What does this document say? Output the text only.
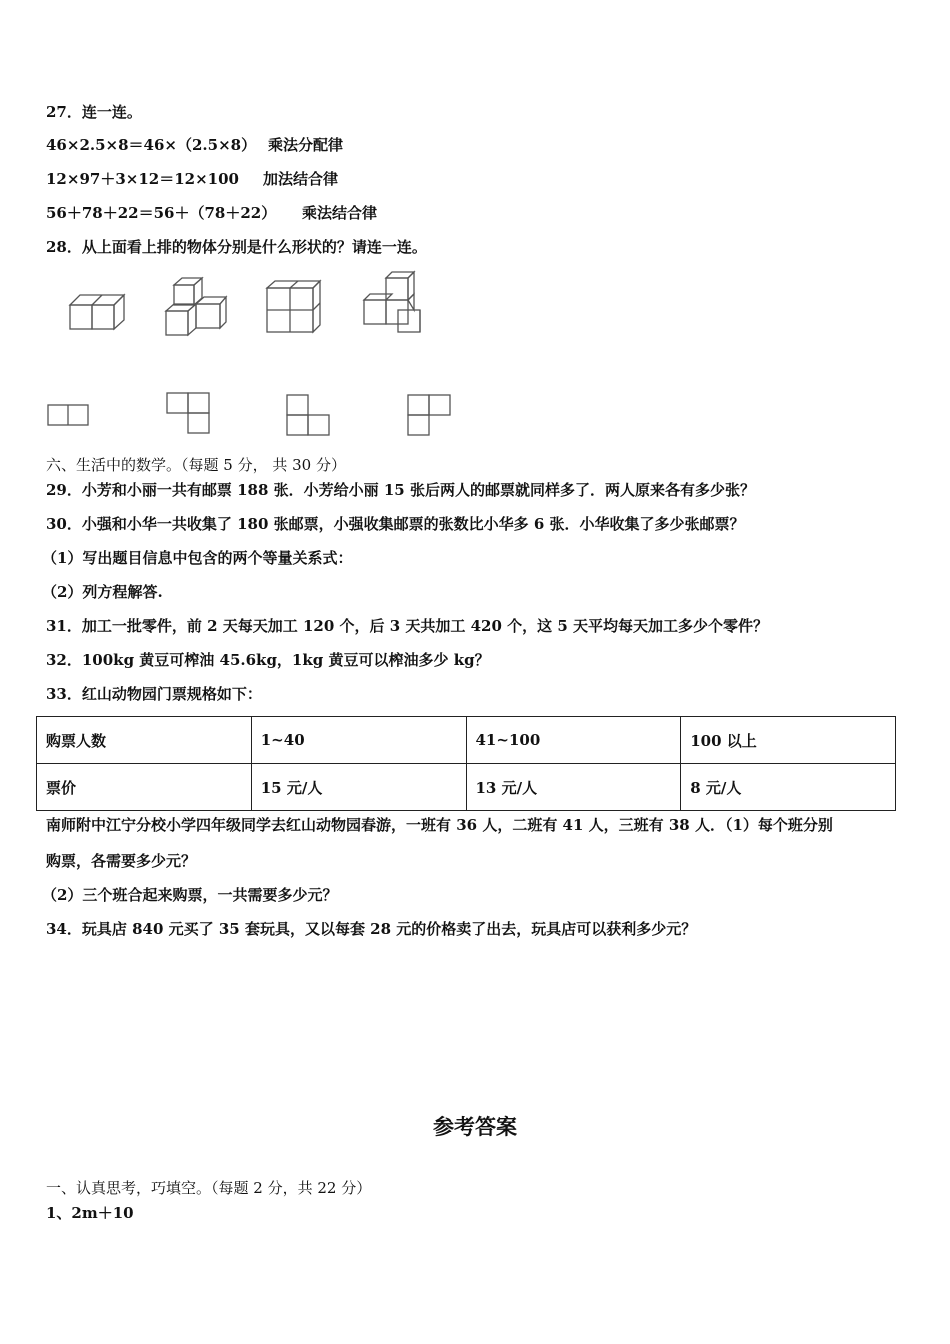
27．连一连。
46×2.5×8＝46×（2.5×8） 乘法分配律
12×97＋3×12＝12×100 加法结合律
56＋78＋22＝56＋（78＋22） 乘法结合律
28．从上面看上排的物体分别是什么形状的？请连一连。
六、生活中的数学。（每题 5 分， 共 30 分）
29．小芳和小丽一共有邮票 188 张．小芳给小丽 15 张后两人的邮票就同样多了．两人原来各有多少张？
30．小强和小华一共收集了 180 张邮票，小强收集邮票的张数比小华多 6 张．小华收集了多少张邮票？
（1）写出题目信息中包含的两个等量关系式：
（2）列方程解答.
31．加工一批零件，前 2 天每天加工 120 个，后 3 天共加工 420 个，这 5 天平均每天加工多少个零件？
32．100kg 黄豆可榨油 45.6kg，1kg 黄豆可以榨油多少 kg？
33．红山动物园门票规格如下：
购票人数	1~40	41~100	100 以上
票价	15 元/人	13 元/人	8 元/人
南师附中江宁分校小学四年级同学去红山动物园春游，一班有 36 人，二班有 41 人，三班有 38 人．（1）每个班分别
购票，各需要多少元？
（2）三个班合起来购票，一共需要多少元？
34．玩具店 840 元买了 35 套玩具，又以每套 28 元的价格卖了出去，玩具店可以获利多少元？
参考答案
一、认真思考，巧填空。（每题 2 分，共 22 分）
1、2m＋10
